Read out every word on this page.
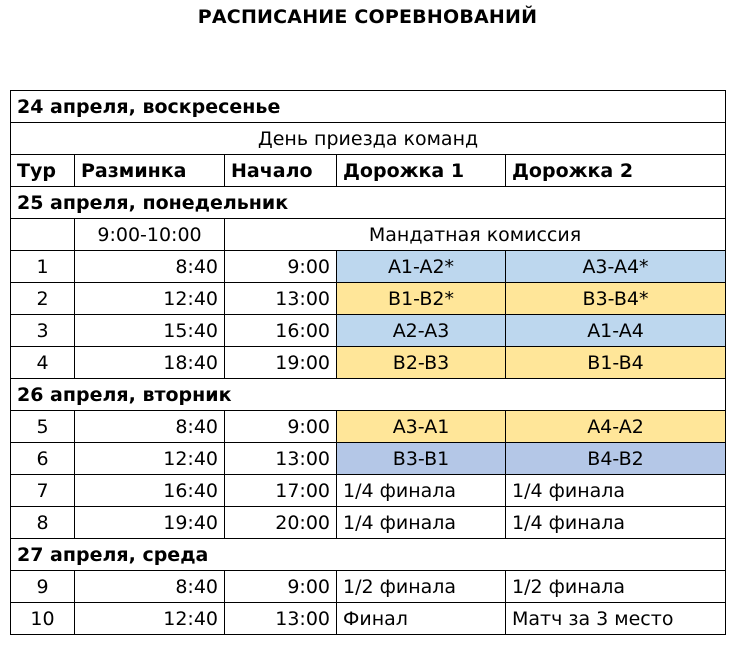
РАСПИСАНИЕ СОРЕВНОВАНИЙ
24 апреля, воскресенье				
День приезда команд				
Тур	Разминка	Начало	Дорожка 1	Дорожка 2
25 апреля, понедельник				
	9:00-10:00	Мандатная комиссия		
1	8:40	9:00	A1-A2*	A3-A4*
2	12:40	13:00	B1-B2*	B3-B4*
3	15:40	16:00	A2-A3	A1-A4
4	18:40	19:00	B2-B3	B1-B4
26 апреля, вторник				
5	8:40	9:00	A3-A1	A4-A2
6	12:40	13:00	B3-B1	B4-B2
7	16:40	17:00	1/4 финала	1/4 финала
8	19:40	20:00	1/4 финала	1/4 финала
27 апреля, среда				
9	8:40	9:00	1/2 финала	1/2 финала
10	12:40	13:00	Финал	Матч за 3 место
